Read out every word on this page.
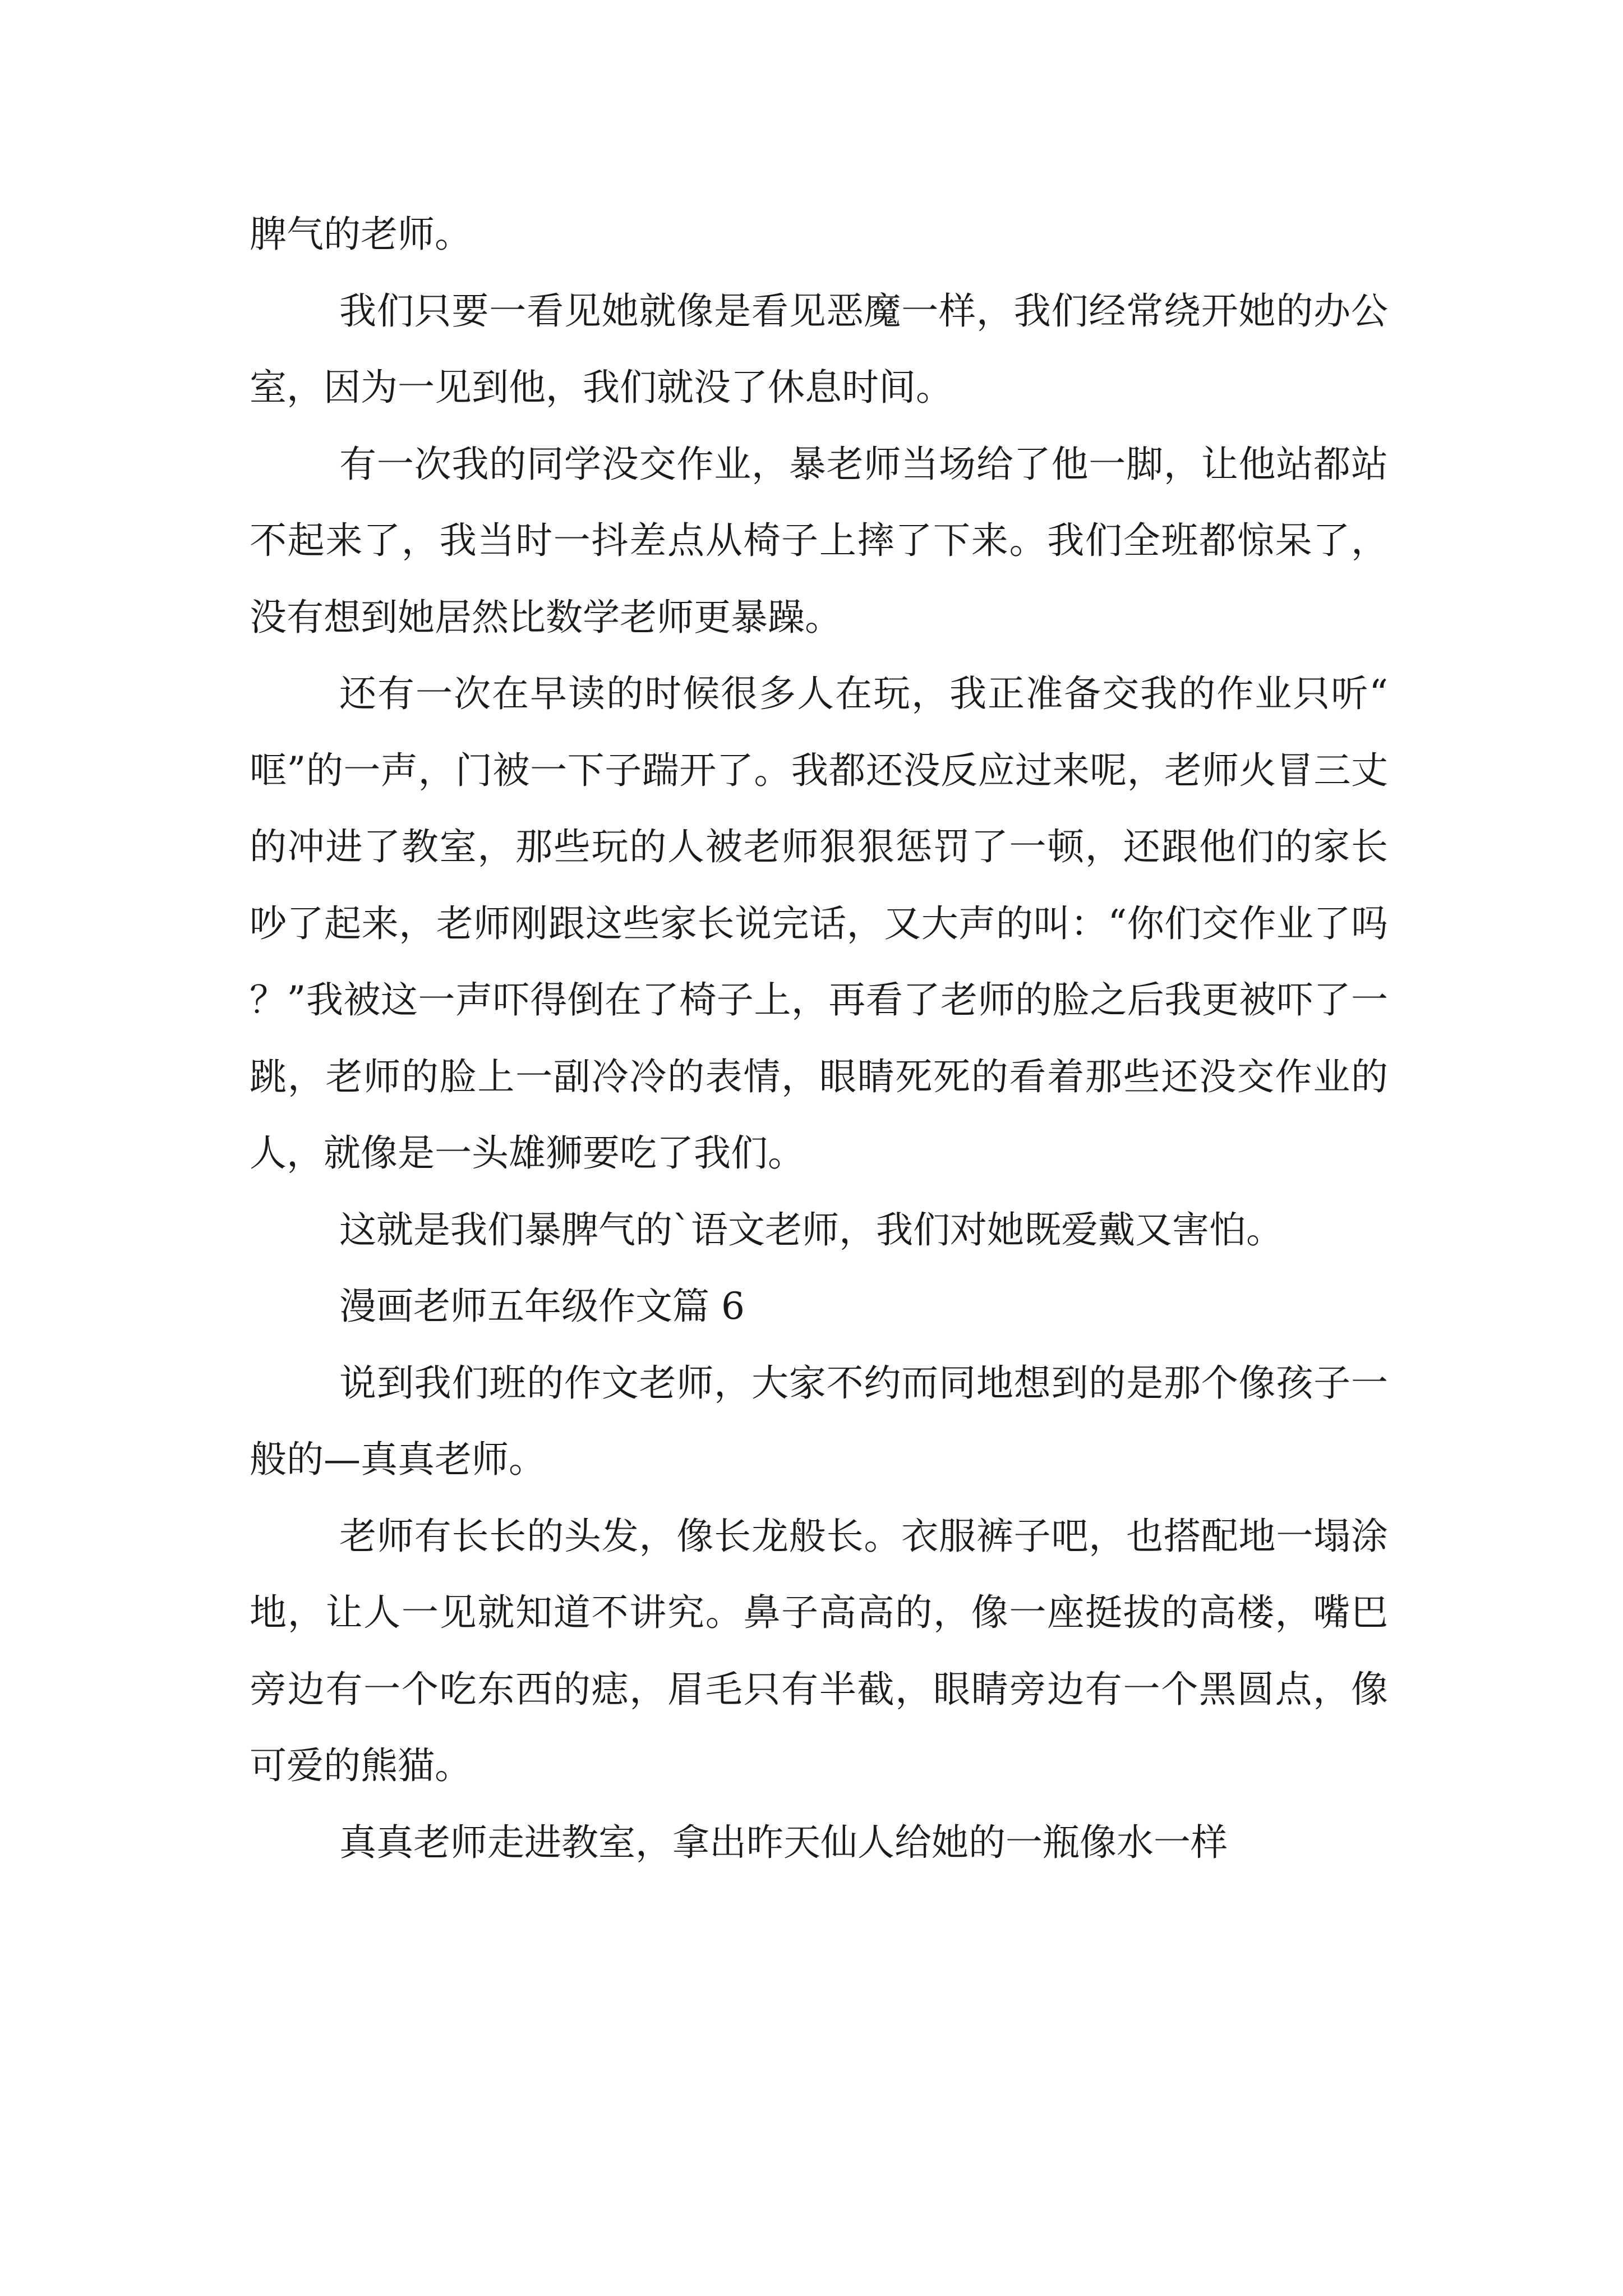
脾气的老师。

我们只要一看见她就像是看见恶魔一样，我们经常绕开她的办公室，因为一见到他，我们就没了休息时间。

有一次我的同学没交作业，暴老师当场给了他一脚，让他站都站不起来了，我当时一抖差点从椅子上摔了下来。我们全班都惊呆了，没有想到她居然比数学老师更暴躁。

还有一次在早读的时候很多人在玩，我正准备交我的作业只听“哐”的一声，门被一下子踹开了。我都还没反应过来呢，老师火冒三丈的冲进了教室，那些玩的人被老师狠狠惩罚了一顿，还跟他们的家长吵了起来，老师刚跟这些家长说完话，又大声的叫：“你们交作业了吗？”我被这一声吓得倒在了椅子上，再看了老师的脸之后我更被吓了一跳，老师的脸上一副冷冷的表情，眼睛死死的看着那些还没交作业的人，就像是一头雄狮要吃了我们。

这就是我们暴脾气的`语文老师，我们对她既爱戴又害怕。

漫画老师五年级作文篇 6

说到我们班的作文老师，大家不约而同地想到的是那个像孩子一般的—真真老师。

老师有长长的头发，像长龙般长。衣服裤子吧，也搭配地一塌涂地，让人一见就知道不讲究。鼻子高高的，像一座挺拔的高楼，嘴巴旁边有一个吃东西的痣，眉毛只有半截，眼睛旁边有一个黑圆点，像可爱的熊猫。

真真老师走进教室，拿出昨天仙人给她的一瓶像水一样
